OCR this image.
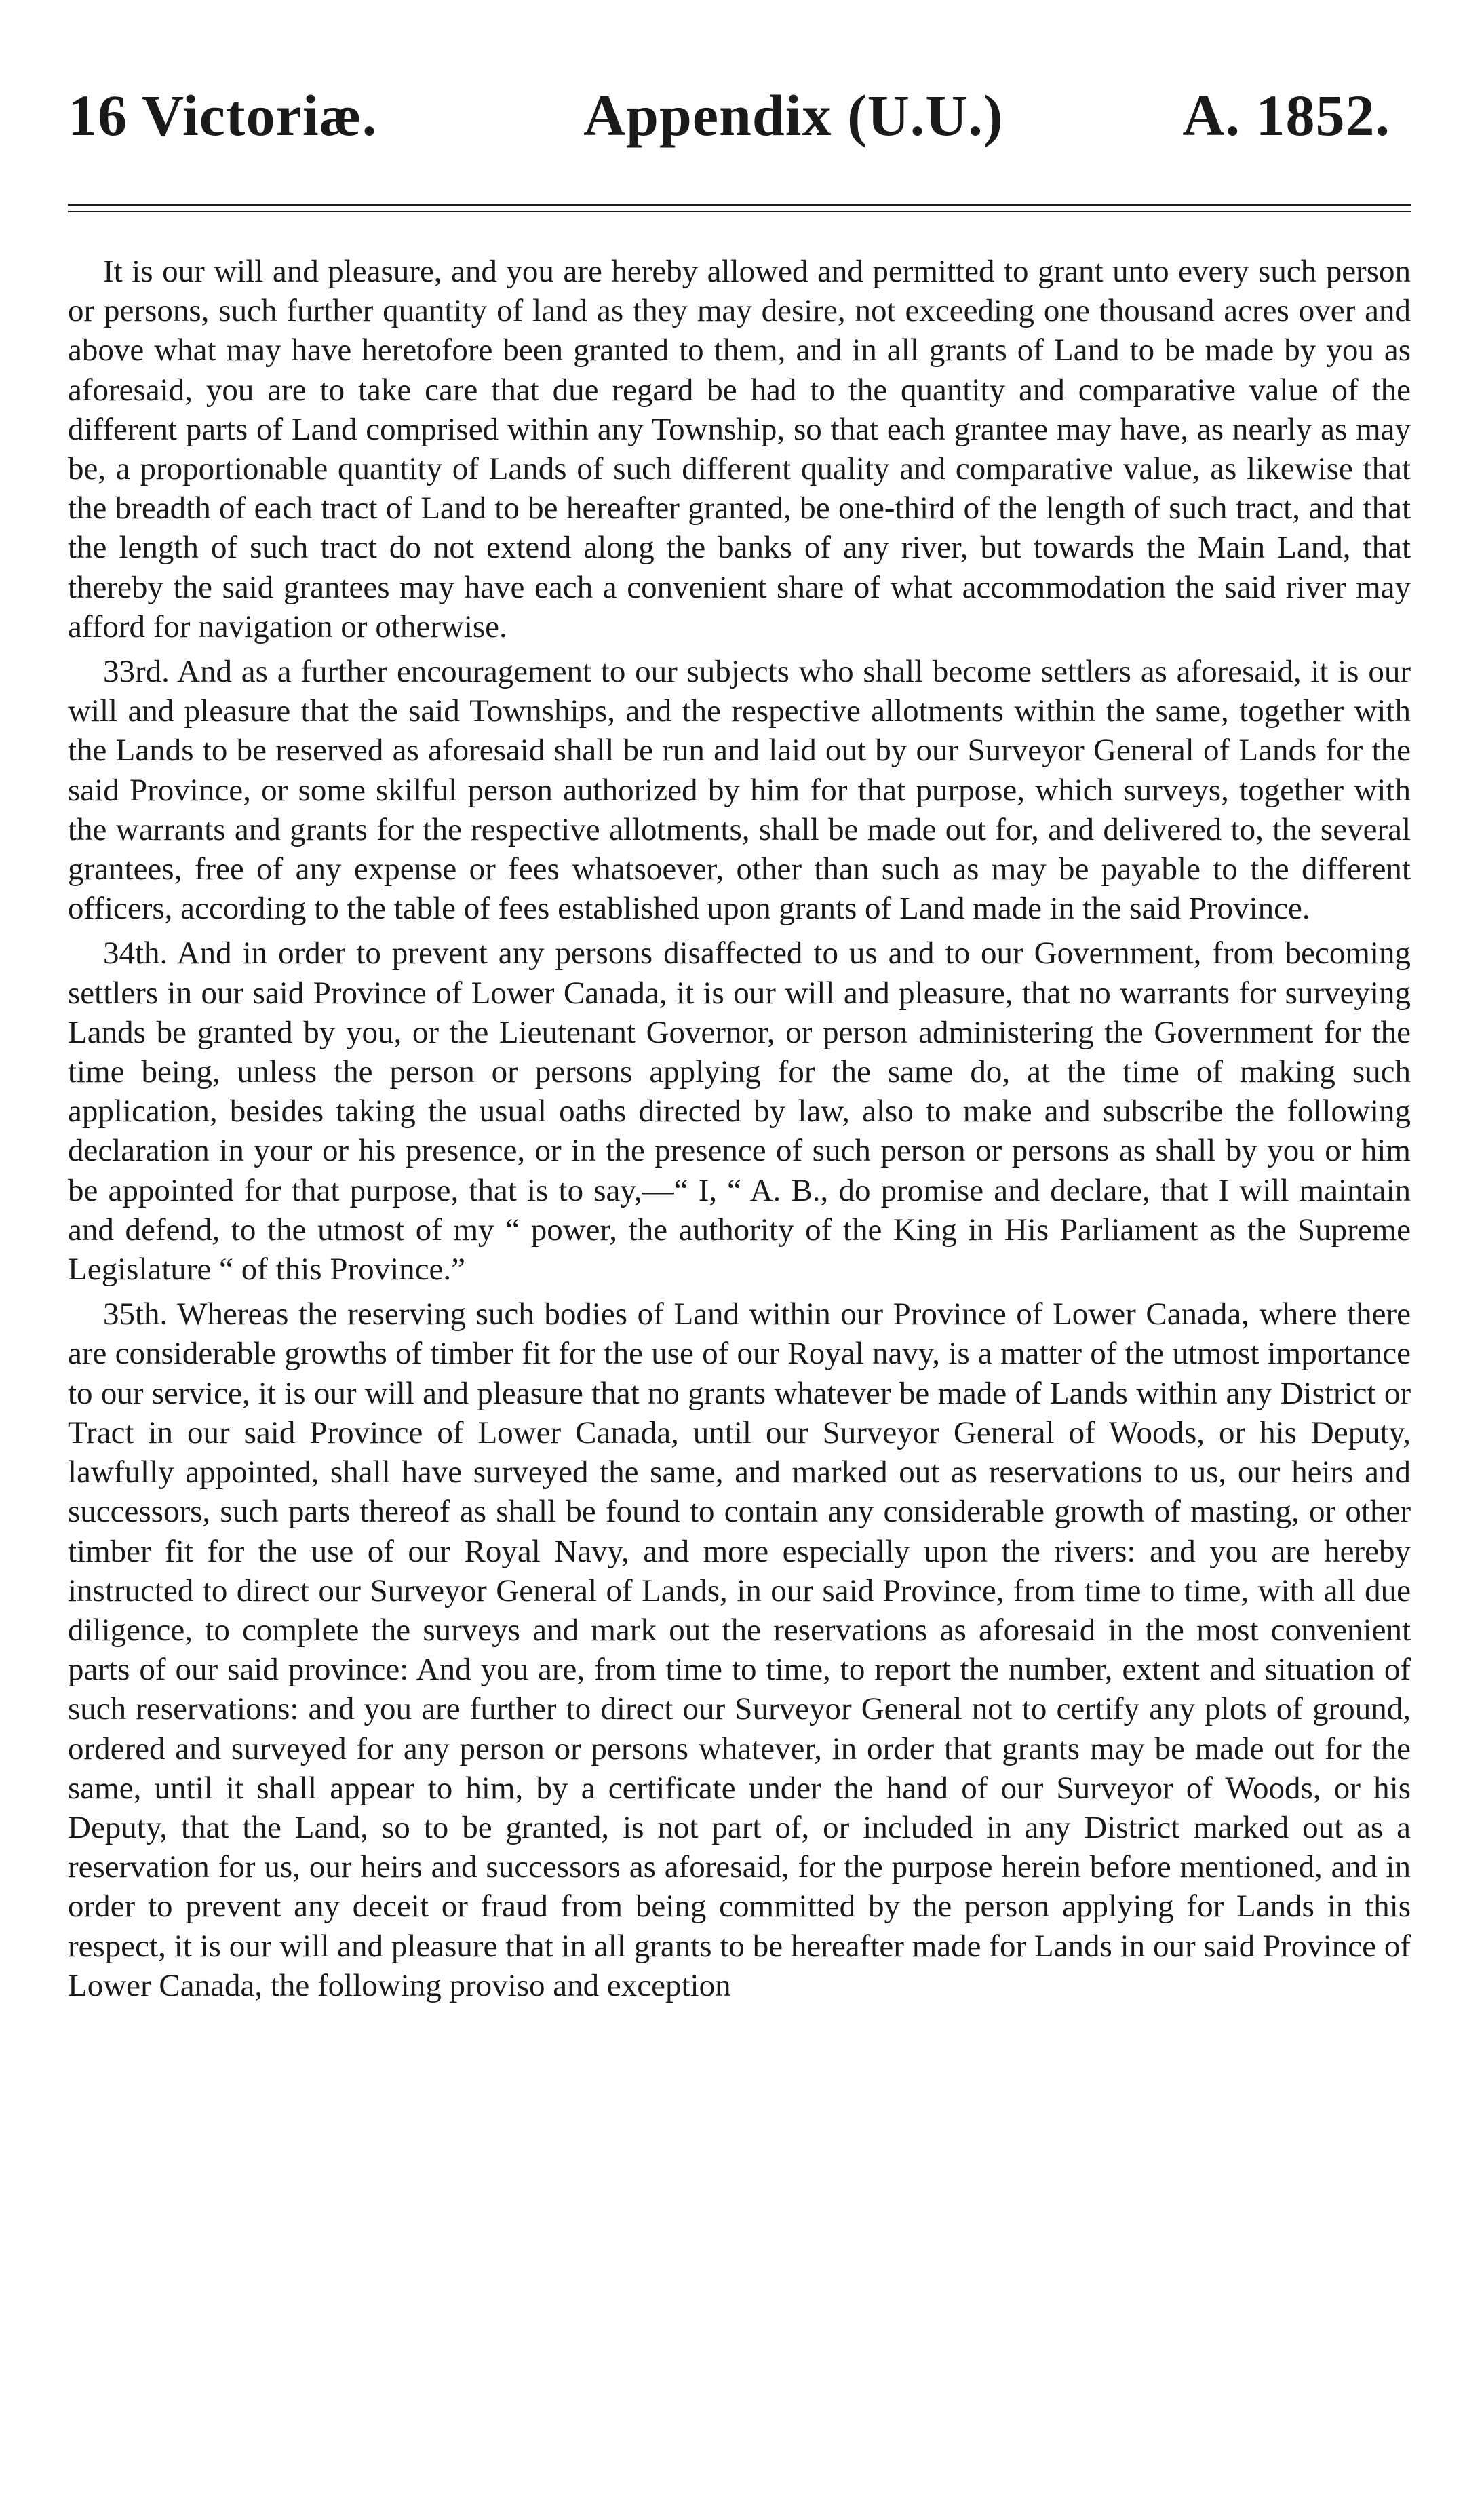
16 Victoriæ.	Appendix (U.U.)	A. 1852.

It is our will and pleasure, and you are hereby allowed and permitted to grant unto every such person or persons, such further quantity of land as they may desire, not exceeding one thousand acres over and above what may have heretofore been granted to them, and in all grants of Land to be made by you as aforesaid, you are to take care that due regard be had to the quantity and comparative value of the different parts of Land comprised within any Township, so that each grantee may have, as nearly as may be, a proportionable quantity of Lands of such different quality and comparative value, as likewise that the breadth of each tract of Land to be hereafter granted, be one-third of the length of such tract, and that the length of such tract do not extend along the banks of any river, but towards the Main Land, that thereby the said grantees may have each a convenient share of what accommodation the said river may afford for navigation or otherwise.

33rd. And as a further encouragement to our subjects who shall become settlers as aforesaid, it is our will and pleasure that the said Townships, and the respective allotments within the same, together with the Lands to be reserved as aforesaid shall be run and laid out by our Surveyor General of Lands for the said Province, or some skilful person authorized by him for that purpose, which surveys, together with the warrants and grants for the respective allotments, shall be made out for, and delivered to, the several grantees, free of any expense or fees whatsoever, other than such as may be payable to the different officers, according to the table of fees established upon grants of Land made in the said Province.

34th. And in order to prevent any persons disaffected to us and to our Government, from becoming settlers in our said Province of Lower Canada, it is our will and pleasure, that no warrants for surveying Lands be granted by you, or the Lieutenant Governor, or person administering the Government for the time being, unless the person or persons applying for the same do, at the time of making such application, besides taking the usual oaths directed by law, also to make and subscribe the following declaration in your or his presence, or in the presence of such person or persons as shall by you or him be appointed for that purpose, that is to say,—“ I, “ A. B., do promise and declare, that I will maintain and defend, to the utmost of my “ power, the authority of the King in His Parliament as the Supreme Legislature “ of this Province.”

35th. Whereas the reserving such bodies of Land within our Province of Lower Canada, where there are considerable growths of timber fit for the use of our Royal navy, is a matter of the utmost importance to our service, it is our will and pleasure that no grants whatever be made of Lands within any District or Tract in our said Province of Lower Canada, until our Surveyor General of Woods, or his Deputy, lawfully appointed, shall have surveyed the same, and marked out as reservations to us, our heirs and successors, such parts thereof as shall be found to contain any considerable growth of masting, or other timber fit for the use of our Royal Navy, and more especially upon the rivers: and you are hereby instructed to direct our Surveyor General of Lands, in our said Province, from time to time, with all due diligence, to complete the surveys and mark out the reservations as aforesaid in the most convenient parts of our said province: And you are, from time to time, to report the number, extent and situation of such reservations: and you are further to direct our Surveyor General not to certify any plots of ground, ordered and surveyed for any person or persons whatever, in order that grants may be made out for the same, until it shall appear to him, by a certificate under the hand of our Surveyor of Woods, or his Deputy, that the Land, so to be granted, is not part of, or included in any District marked out as a reservation for us, our heirs and successors as aforesaid, for the purpose herein before mentioned, and in order to prevent any deceit or fraud from being committed by the person applying for Lands in this respect, it is our will and pleasure that in all grants to be hereafter made for Lands in our said Province of Lower Canada, the following proviso and exception
